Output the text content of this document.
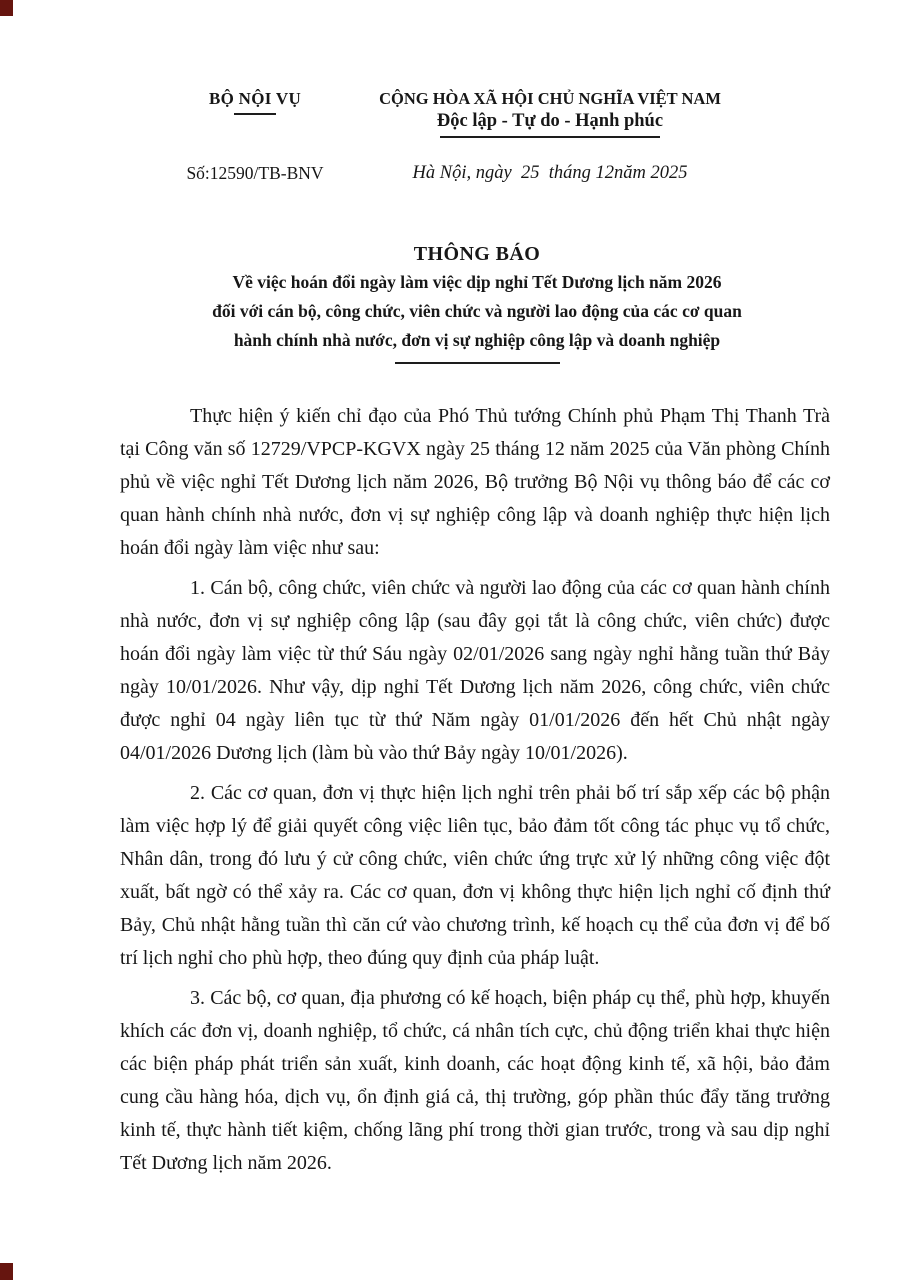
BỘ NỘI VỤ	CỘNG HÒA XÃ HỘI CHỦ NGHĨA VIỆT NAM
Độc lập - Tự do - Hạnh phúc
Số:12590/TB-BNV	Hà Nội, ngày  25  tháng 12năm 2025
THÔNG BÁO
Về việc hoán đổi ngày làm việc dịp nghỉ Tết Dương lịch năm 2026
đối với cán bộ, công chức, viên chức và người lao động của các cơ quan
hành chính nhà nước, đơn vị sự nghiệp công lập và doanh nghiệp

Thực hiện ý kiến chỉ đạo của Phó Thủ tướng Chính phủ Phạm Thị Thanh Trà tại Công văn số 12729/VPCP-KGVX ngày 25 tháng 12 năm 2025 của Văn phòng Chính phủ về việc nghỉ Tết Dương lịch năm 2026, Bộ trưởng Bộ Nội vụ thông báo để các cơ quan hành chính nhà nước, đơn vị sự nghiệp công lập và doanh nghiệp thực hiện lịch hoán đổi ngày làm việc như sau:

1. Cán bộ, công chức, viên chức và người lao động của các cơ quan hành chính nhà nước, đơn vị sự nghiệp công lập (sau đây gọi tắt là công chức, viên chức) được hoán đổi ngày làm việc từ thứ Sáu ngày 02/01/2026 sang ngày nghỉ hằng tuần thứ Bảy ngày 10/01/2026. Như vậy, dịp nghỉ Tết Dương lịch năm 2026, công chức, viên chức được nghỉ 04 ngày liên tục từ thứ Năm ngày 01/01/2026 đến hết Chủ nhật ngày 04/01/2026 Dương lịch (làm bù vào thứ Bảy ngày 10/01/2026).

2. Các cơ quan, đơn vị thực hiện lịch nghỉ trên phải bố trí sắp xếp các bộ phận làm việc hợp lý để giải quyết công việc liên tục, bảo đảm tốt công tác phục vụ tổ chức, Nhân dân, trong đó lưu ý cử công chức, viên chức ứng trực xử lý những công việc đột xuất, bất ngờ có thể xảy ra. Các cơ quan, đơn vị không thực hiện lịch nghỉ cố định thứ Bảy, Chủ nhật hằng tuần thì căn cứ vào chương trình, kế hoạch cụ thể của đơn vị để bố trí lịch nghỉ cho phù hợp, theo đúng quy định của pháp luật.

3. Các bộ, cơ quan, địa phương có kế hoạch, biện pháp cụ thể, phù hợp, khuyến khích các đơn vị, doanh nghiệp, tổ chức, cá nhân tích cực, chủ động triển khai thực hiện các biện pháp phát triển sản xuất, kinh doanh, các hoạt động kinh tế, xã hội, bảo đảm cung cầu hàng hóa, dịch vụ, ổn định giá cả, thị trường, góp phần thúc đẩy tăng trưởng kinh tế, thực hành tiết kiệm, chống lãng phí trong thời gian trước, trong và sau dịp nghỉ Tết Dương lịch năm 2026.
